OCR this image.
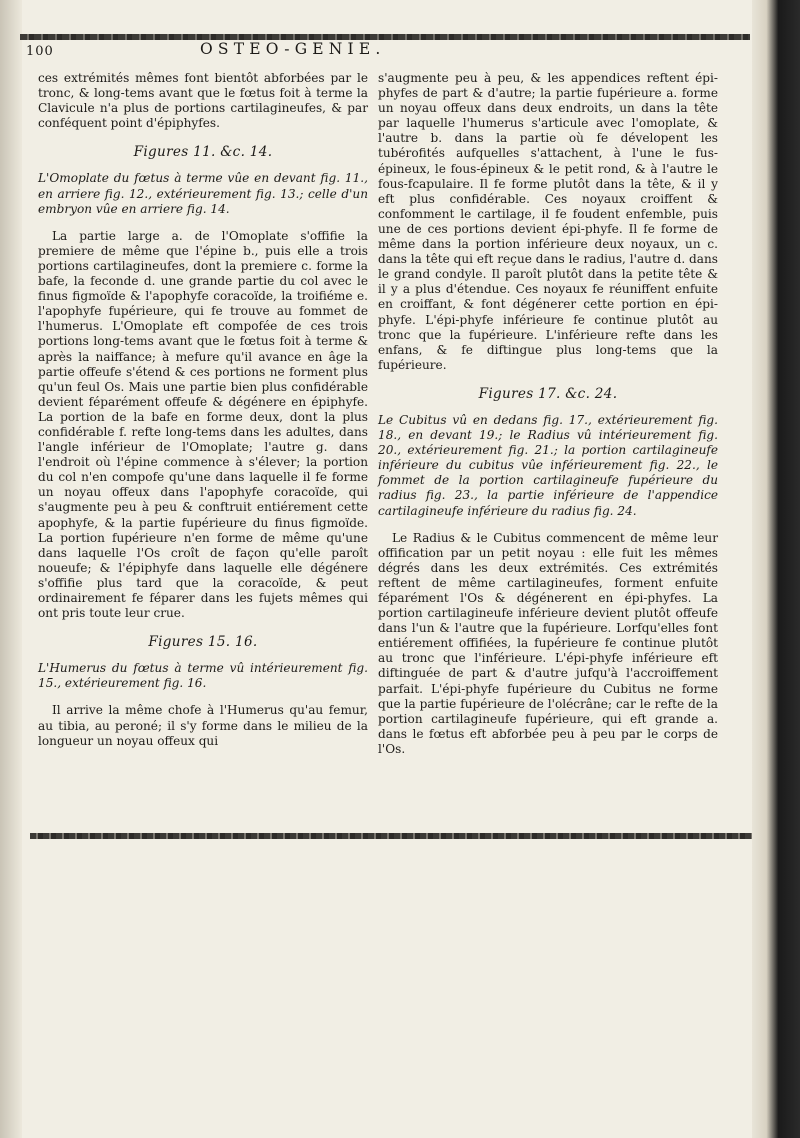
100	OSTEO-GENIE.

ces extrémités mêmes font bientôt abforbées par le tronc, & long-tems avant que le fœtus foit à terme la Clavicule n'a plus de portions cartilagineufes, & par conféquent point d'épiphyfes.

Figures 11. &c. 14.

L'Omoplate du fœtus à terme vûe en devant fig. 11., en arriere fig. 12., extérieurement fig. 13.; celle d'un embryon vûe en arriere fig. 14.

La partie large a. de l'Omoplate s'offifie la premiere de même que l'épine b., puis elle a trois portions cartilagineufes, dont la premiere c. forme la bafe, la feconde d. une grande partie du col avec le finus figmoïde & l'apophyfe coracoïde, la troifiéme e. l'apophyfe fupérieure, qui fe trouve au fommet de l'humerus. L'Omoplate eft compofée de ces trois portions long-tems avant que le fœtus foit à terme & après la naiffance; à mefure qu'il avance en âge la partie offeufe s'étend & ces portions ne forment plus qu'un feul Os. Mais une partie bien plus confidérable devient féparément offeufe & dégénere en épiphyfe. La portion de la bafe en forme deux, dont la plus confidérable f. refte long-tems dans les adultes, dans l'angle inférieur de l'Omoplate; l'autre g. dans l'endroit où l'épine commence à s'élever; la portion du col n'en compofe qu'une dans laquelle il fe forme un noyau offeux dans l'apophyfe coracoïde, qui s'augmente peu à peu & conftruit entiérement cette apophyfe, & la partie fupérieure du finus figmoïde. La portion fupérieure n'en forme de même qu'une dans laquelle l'Os croît de façon qu'elle paroît noueufe; & l'épiphyfe dans laquelle elle dégénere s'offifie plus tard que la coracoïde, & peut ordinairement fe féparer dans les fujets mêmes qui ont pris toute leur crue.

Figures 15. 16.

L'Humerus du fœtus à terme vû intérieurement fig. 15., extérieurement fig. 16.

Il arrive la même chofe à l'Humerus qu'au femur, au tibia, au peroné; il s'y forme dans le milieu de la longueur un noyau offeux qui

s'augmente peu à peu, & les appendices reftent épi-phyfes de part & d'autre; la partie fupérieure a. forme un noyau offeux dans deux endroits, un dans la tête par laquelle l'humerus s'articule avec l'omoplate, & l'autre b. dans la partie où fe dévelopent les tubérofités aufquelles s'attachent, à l'une le fus-épineux, le fous-épineux & le petit rond, & à l'autre le fous-fcapulaire. Il fe forme plutôt dans la tête, & il y eft plus confidérable. Ces noyaux croiffent & confomment le cartilage, il fe foudent enfemble, puis une de ces portions devient épi-phyfe. Il fe forme de même dans la portion inférieure deux noyaux, un c. dans la tête qui eft reçue dans le radius, l'autre d. dans le grand condyle. Il paroît plutôt dans la petite tête & il y a plus d'étendue. Ces noyaux fe réuniffent enfuite en croiffant, & font dégénerer cette portion en épi-phyfe. L'épi-phyfe inférieure fe continue plutôt au tronc que la fupérieure. L'inférieure refte dans les enfans, & fe diftingue plus long-tems que la fupérieure.

Figures 17. &c. 24.

Le Cubitus vû en dedans fig. 17., extérieurement fig. 18., en devant 19.; le Radius vû intérieurement fig. 20., extérieurement fig. 21.; la portion cartilagineufe inférieure du cubitus vûe inférieurement fig. 22., le fommet de la portion cartilagineufe fupérieure du radius fig. 23., la partie inférieure de l'appendice cartilagineufe inférieure du radius fig. 24.

Le Radius & le Cubitus commencent de même leur offification par un petit noyau : elle fuit les mêmes dégrés dans les deux extrémités. Ces extrémités reftent de même cartilagineufes, forment enfuite féparément l'Os & dégénerent en épi-phyfes. La portion cartilagineufe inférieure devient plutôt offeufe dans l'un & l'autre que la fupérieure. Lorfqu'elles font entiérement offifiées, la fupérieure fe continue plutôt au tronc que l'inférieure. L'épi-phyfe inférieure eft diftinguée de part & d'autre jufqu'à l'accroiffement parfait. L'épi-phyfe fupérieure du Cubitus ne forme que la partie fupérieure de l'olécrâne; car le refte de la portion cartilagineufe fupérieure, qui eft grande a. dans le fœtus eft abforbée peu à peu par le corps de l'Os.
